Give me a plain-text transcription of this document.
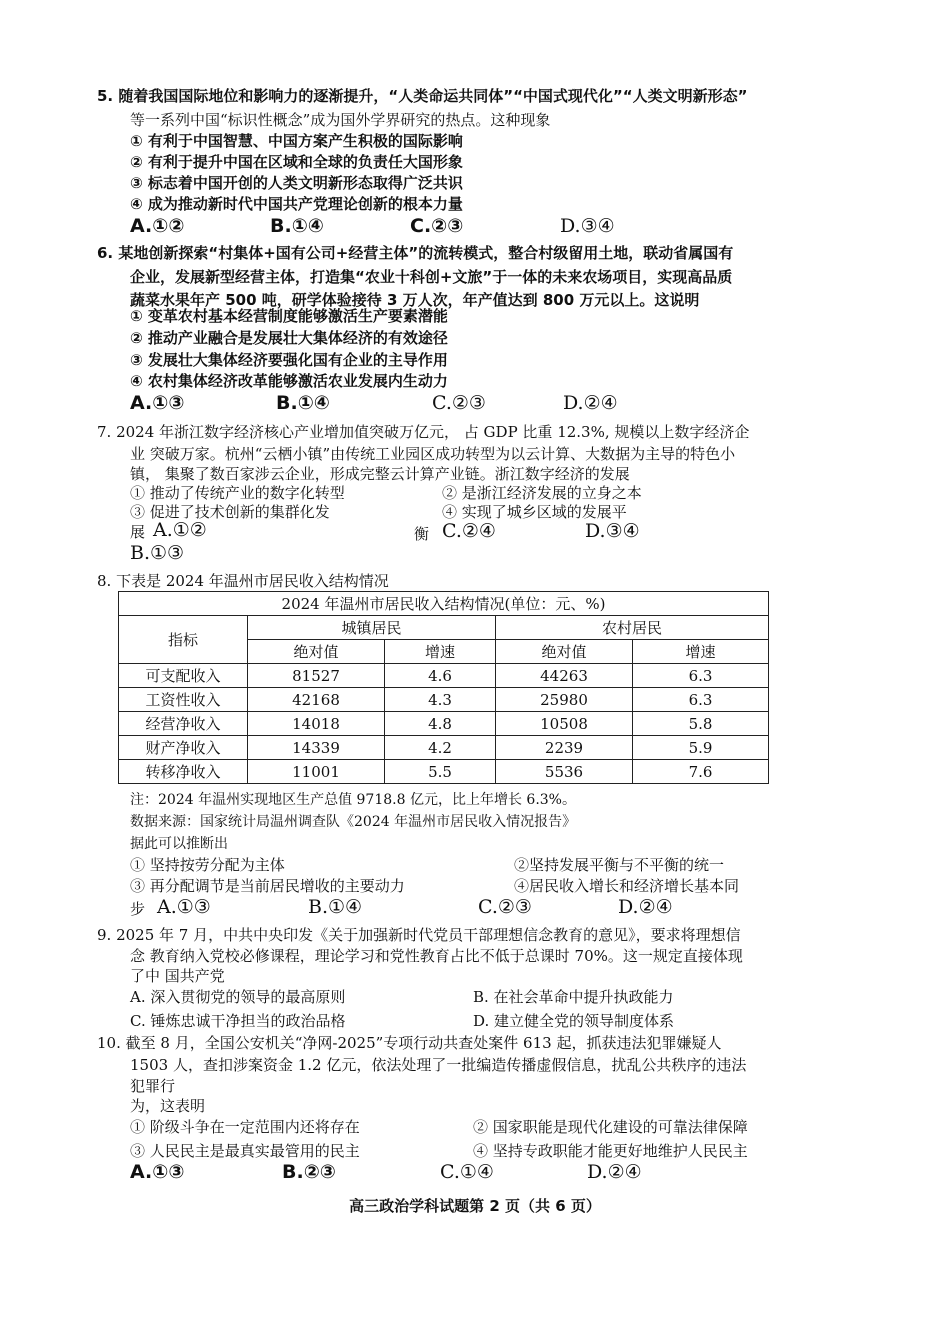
5. 随着我国国际地位和影响力的逐渐提升，“人类命运共同体”“中国式现代化”“人类文明新形态”
等一系列中国“标识性概念”成为国外学界研究的热点。这种现象
① 有利于中国智慧、中国方案产生积极的国际影响
② 有利于提升中国在区域和全球的负责任大国形象
③ 标志着中国开创的人类文明新形态取得广泛共识
④ 成为推动新时代中国共产党理论创新的根本力量
A.①②	B.①④	C.②③	D.③④
6. 某地创新探索“村集体+国有公司+经营主体”的流转模式，整合村级留用土地，联动省属国有
企业，发展新型经营主体，打造集“农业十科创+文旅”于一体的未来农场项目，实现高品质
蔬菜水果年产 500 吨，研学体验接待 3 万人次，年产值达到 800 万元以上。这说明
① 变革农村基本经营制度能够激活生产要素潜能
② 推动产业融合是发展壮大集体经济的有效途径
③ 发展壮大集体经济要强化国有企业的主导作用
④ 农村集体经济改革能够激活农业发展内生动力
A.①③	B.①④	C.②③	D.②④
7. 2024 年浙江数字经济核心产业增加值突破万亿元， 占 GDP 比重 12.3%, 规模以上数字经济企
业 突破万家。杭州“云栖小镇”由传统工业园区成功转型为以云计算、大数据为主导的特色小
镇， 集聚了数百家涉云企业，形成完整云计算产业链。浙江数字经济的发展
① 推动了传统产业的数字化转型	② 是浙江经济发展的立身之本
③ 促进了技术创新的集群化发	④ 实现了城乡区域的发展平
展 A.①②	衡 C.②④	D.③④
B.①③
8. 下表是 2024 年温州市居民收入结构情况
2024 年温州市居民收入结构情况(单位：元、%)				
指标	城镇居民		农村居民	
	绝对值	增速	绝对值	增速
可支配收入	81527	4.6	44263	6.3
工资性收入	42168	4.3	25980	6.3
经营净收入	14018	4.8	10508	5.8
财产净收入	14339	4.2	2239	5.9
转移净收入	11001	5.5	5536	7.6
注：2024 年温州实现地区生产总值 9718.8 亿元，比上年增长 6.3%。
数据来源：国家统计局温州调查队《2024 年温州市居民收入情况报告》
据此可以推断出
① 坚持按劳分配为主体	②坚持发展平衡与不平衡的统一
③ 再分配调节是当前居民增收的主要动力	④居民收入增长和经济增长基本同
步 A.①③	B.①④	C.②③	D.②④
9. 2025 年 7 月，中共中央印发《关于加强新时代党员干部理想信念教育的意见》，要求将理想信
念 教育纳入党校必修课程，理论学习和党性教育占比不低于总课时 70%。这一规定直接体现
了中 国共产党
A. 深入贯彻党的领导的最高原则	B. 在社会革命中提升执政能力
C. 锤炼忠诚干净担当的政治品格	D. 建立健全党的领导制度体系
10. 截至 8 月，全国公安机关“净网-2025”专项行动共查处案件 613 起，抓获违法犯罪嫌疑人
1503 人，查扣涉案资金 1.2 亿元，依法处理了一批编造传播虚假信息，扰乱公共秩序的违法
犯罪行
为，这表明
① 阶级斗争在一定范围内还将存在	② 国家职能是现代化建设的可靠法律保障
③ 人民民主是最真实最管用的民主	④ 坚持专政职能才能更好地维护人民民主
A.①③	B.②③	C.①④	D.②④
高三政治学科试题第 2 页（共 6 页）
